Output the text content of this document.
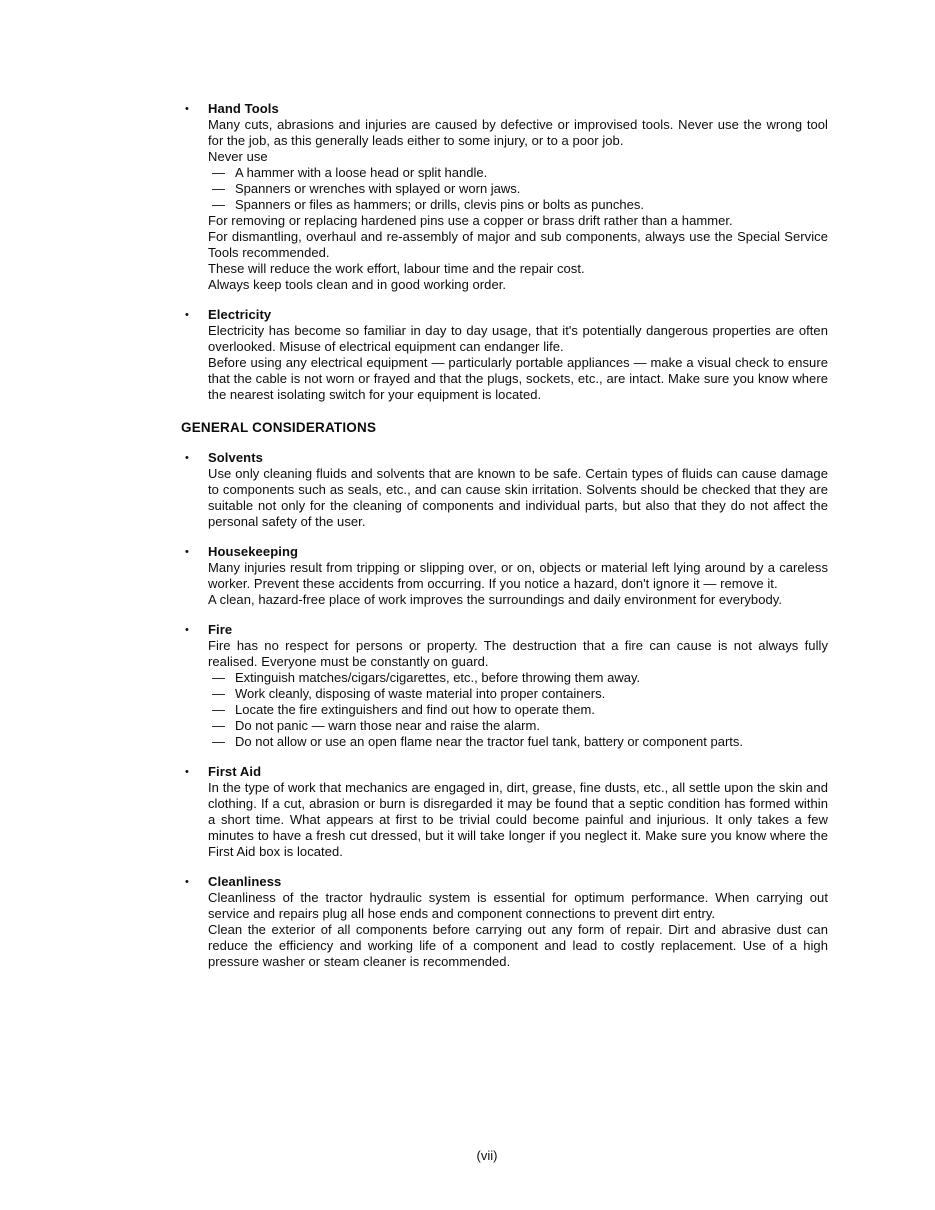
•	Hand Tools

Many cuts, abrasions and injuries are caused by defective or improvised tools. Never use the wrong tool for the job, as this generally leads either to some injury, or to a poor job.

Never use

— A hammer with a loose head or split handle.
— Spanners or wrenches with splayed or worn jaws.
— Spanners or files as hammers; or drills, clevis pins or bolts as punches.

For removing or replacing hardened pins use a copper or brass drift rather than a hammer.

For dismantling, overhaul and re-assembly of major and sub components, always use the Special Service Tools recommended.

These will reduce the work effort, labour time and the repair cost.

Always keep tools clean and in good working order.

•	Electricity

Electricity has become so familiar in day to day usage, that it's potentially dangerous properties are often overlooked. Misuse of electrical equipment can endanger life.

Before using any electrical equipment — particularly portable appliances — make a visual check to ensure that the cable is not worn or frayed and that the plugs, sockets, etc., are intact. Make sure you know where the nearest isolating switch for your equipment is located.

GENERAL CONSIDERATIONS
•	Solvents

Use only cleaning fluids and solvents that are known to be safe. Certain types of fluids can cause damage to components such as seals, etc., and can cause skin irritation. Solvents should be checked that they are suitable not only for the cleaning of components and individual parts, but also that they do not affect the personal safety of the user.

•	Housekeeping

Many injuries result from tripping or slipping over, or on, objects or material left lying around by a careless worker. Prevent these accidents from occurring. If you notice a hazard, don't ignore it — remove it.

A clean, hazard-free place of work improves the surroundings and daily environment for everybody.

•	Fire

Fire has no respect for persons or property. The destruction that a fire can cause is not always fully realised. Everyone must be constantly on guard.

— Extinguish matches/cigars/cigarettes, etc., before throwing them away.
— Work cleanly, disposing of waste material into proper containers.
— Locate the fire extinguishers and find out how to operate them.
— Do not panic — warn those near and raise the alarm.
— Do not allow or use an open flame near the tractor fuel tank, battery or component parts.
•	First Aid

In the type of work that mechanics are engaged in, dirt, grease, fine dusts, etc., all settle upon the skin and clothing. If a cut, abrasion or burn is disregarded it may be found that a septic condition has formed within a short time. What appears at first to be trivial could become painful and injurious. It only takes a few minutes to have a fresh cut dressed, but it will take longer if you neglect it. Make sure you know where the First Aid box is located.

•	Cleanliness

Cleanliness of the tractor hydraulic system is essential for optimum performance. When carrying out service and repairs plug all hose ends and component connections to prevent dirt entry.

Clean the exterior of all components before carrying out any form of repair. Dirt and abrasive dust can reduce the efficiency and working life of a component and lead to costly replacement. Use of a high pressure washer or steam cleaner is recommended.

(vii)
